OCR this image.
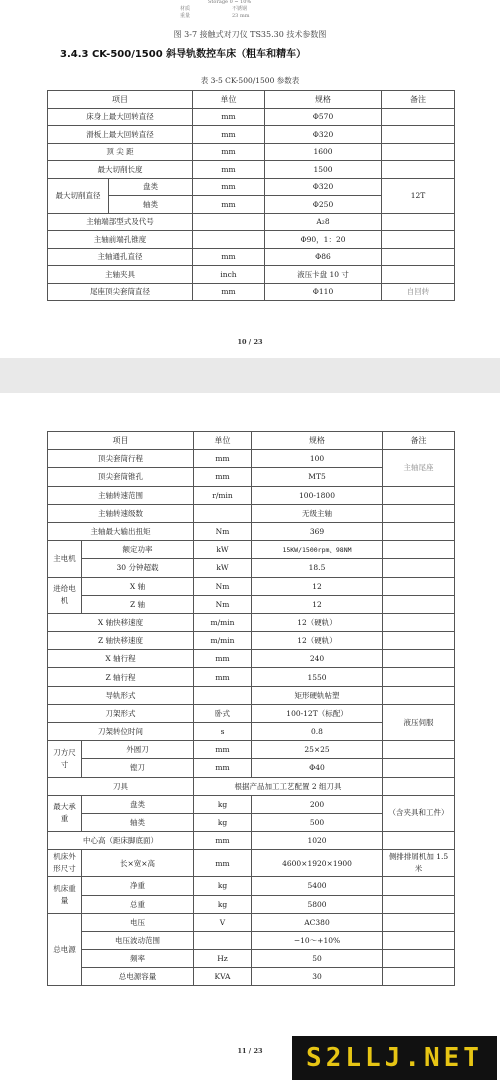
Storage 0 ~ 10%
材质	不锈钢
重量	23 mm
图 3-7 接触式对刀仪 TS35.30 技术参数图
3.4.3 CK-500/1500 斜导轨数控车床（粗车和精车）
表 3-5 CK-500/1500 参数表
项目		单位	规格	备注
床身上最大回转直径		mm	Φ570	
滑板上最大回转直径		mm	Φ320	
顶 尖 距		mm	1600	
最大切削长度		mm	1500	
最大切削直径	盘类	mm	Φ320	12T
	轴类	mm	Φ250	
主轴端部型式及代号			A₂8	
主轴前端孔锥度			Φ90，1：20	
主轴通孔直径		mm	Φ86	
主轴夹具		inch	液压卡盘 10 寸	
尾座顶尖套筒直径		mm	Φ110	自回转
10 / 23
11 / 23
项目		单位	规格	备注
顶尖套筒行程		mm	100	主轴尾座
顶尖套筒锥孔		mm	MT5	
主轴转速范围		r/min	100-1800	
主轴转速级数			无级主轴	
主轴最大输出扭矩		Nm	369	
主电机	额定功率	kW	15KW/1500rpm、98NM	
	30 分钟超载	kW	18.5	
进给电机	X 轴	Nm	12	
	Z 轴	Nm	12	
X 轴快移速度		m/min	12（硬轨）	
Z 轴快移速度		m/min	12（硬轨）	
X 轴行程		mm	240	
Z 轴行程		mm	1550	
导轨形式			矩形硬轨帖塑	
刀架形式		卧式	100-12T（标配）	液压伺服
刀架转位时间		s	0.8	
刀方尺寸	外圆刀	mm	25×25	
	镗刀	mm	Φ40	
刀具		根据产品加工工艺配置 2 组刀具		
最大承重	盘类	kg	200	（含夹具和工件）
	轴类	kg	500	
中心高（距床脚底面）		mm	1020	
机床外形尺寸	长×宽×高	mm	4600×1920×1900	侧排排屑机加 1.5 米
机床重量	净重	kg	5400	
	总重	kg	5800	
总电源	电压	V	AC380	
	电压波动范围		−10～+10%	
	频率	Hz	50	
	总电源容量	KVA	30	
S2LLJ.NET
